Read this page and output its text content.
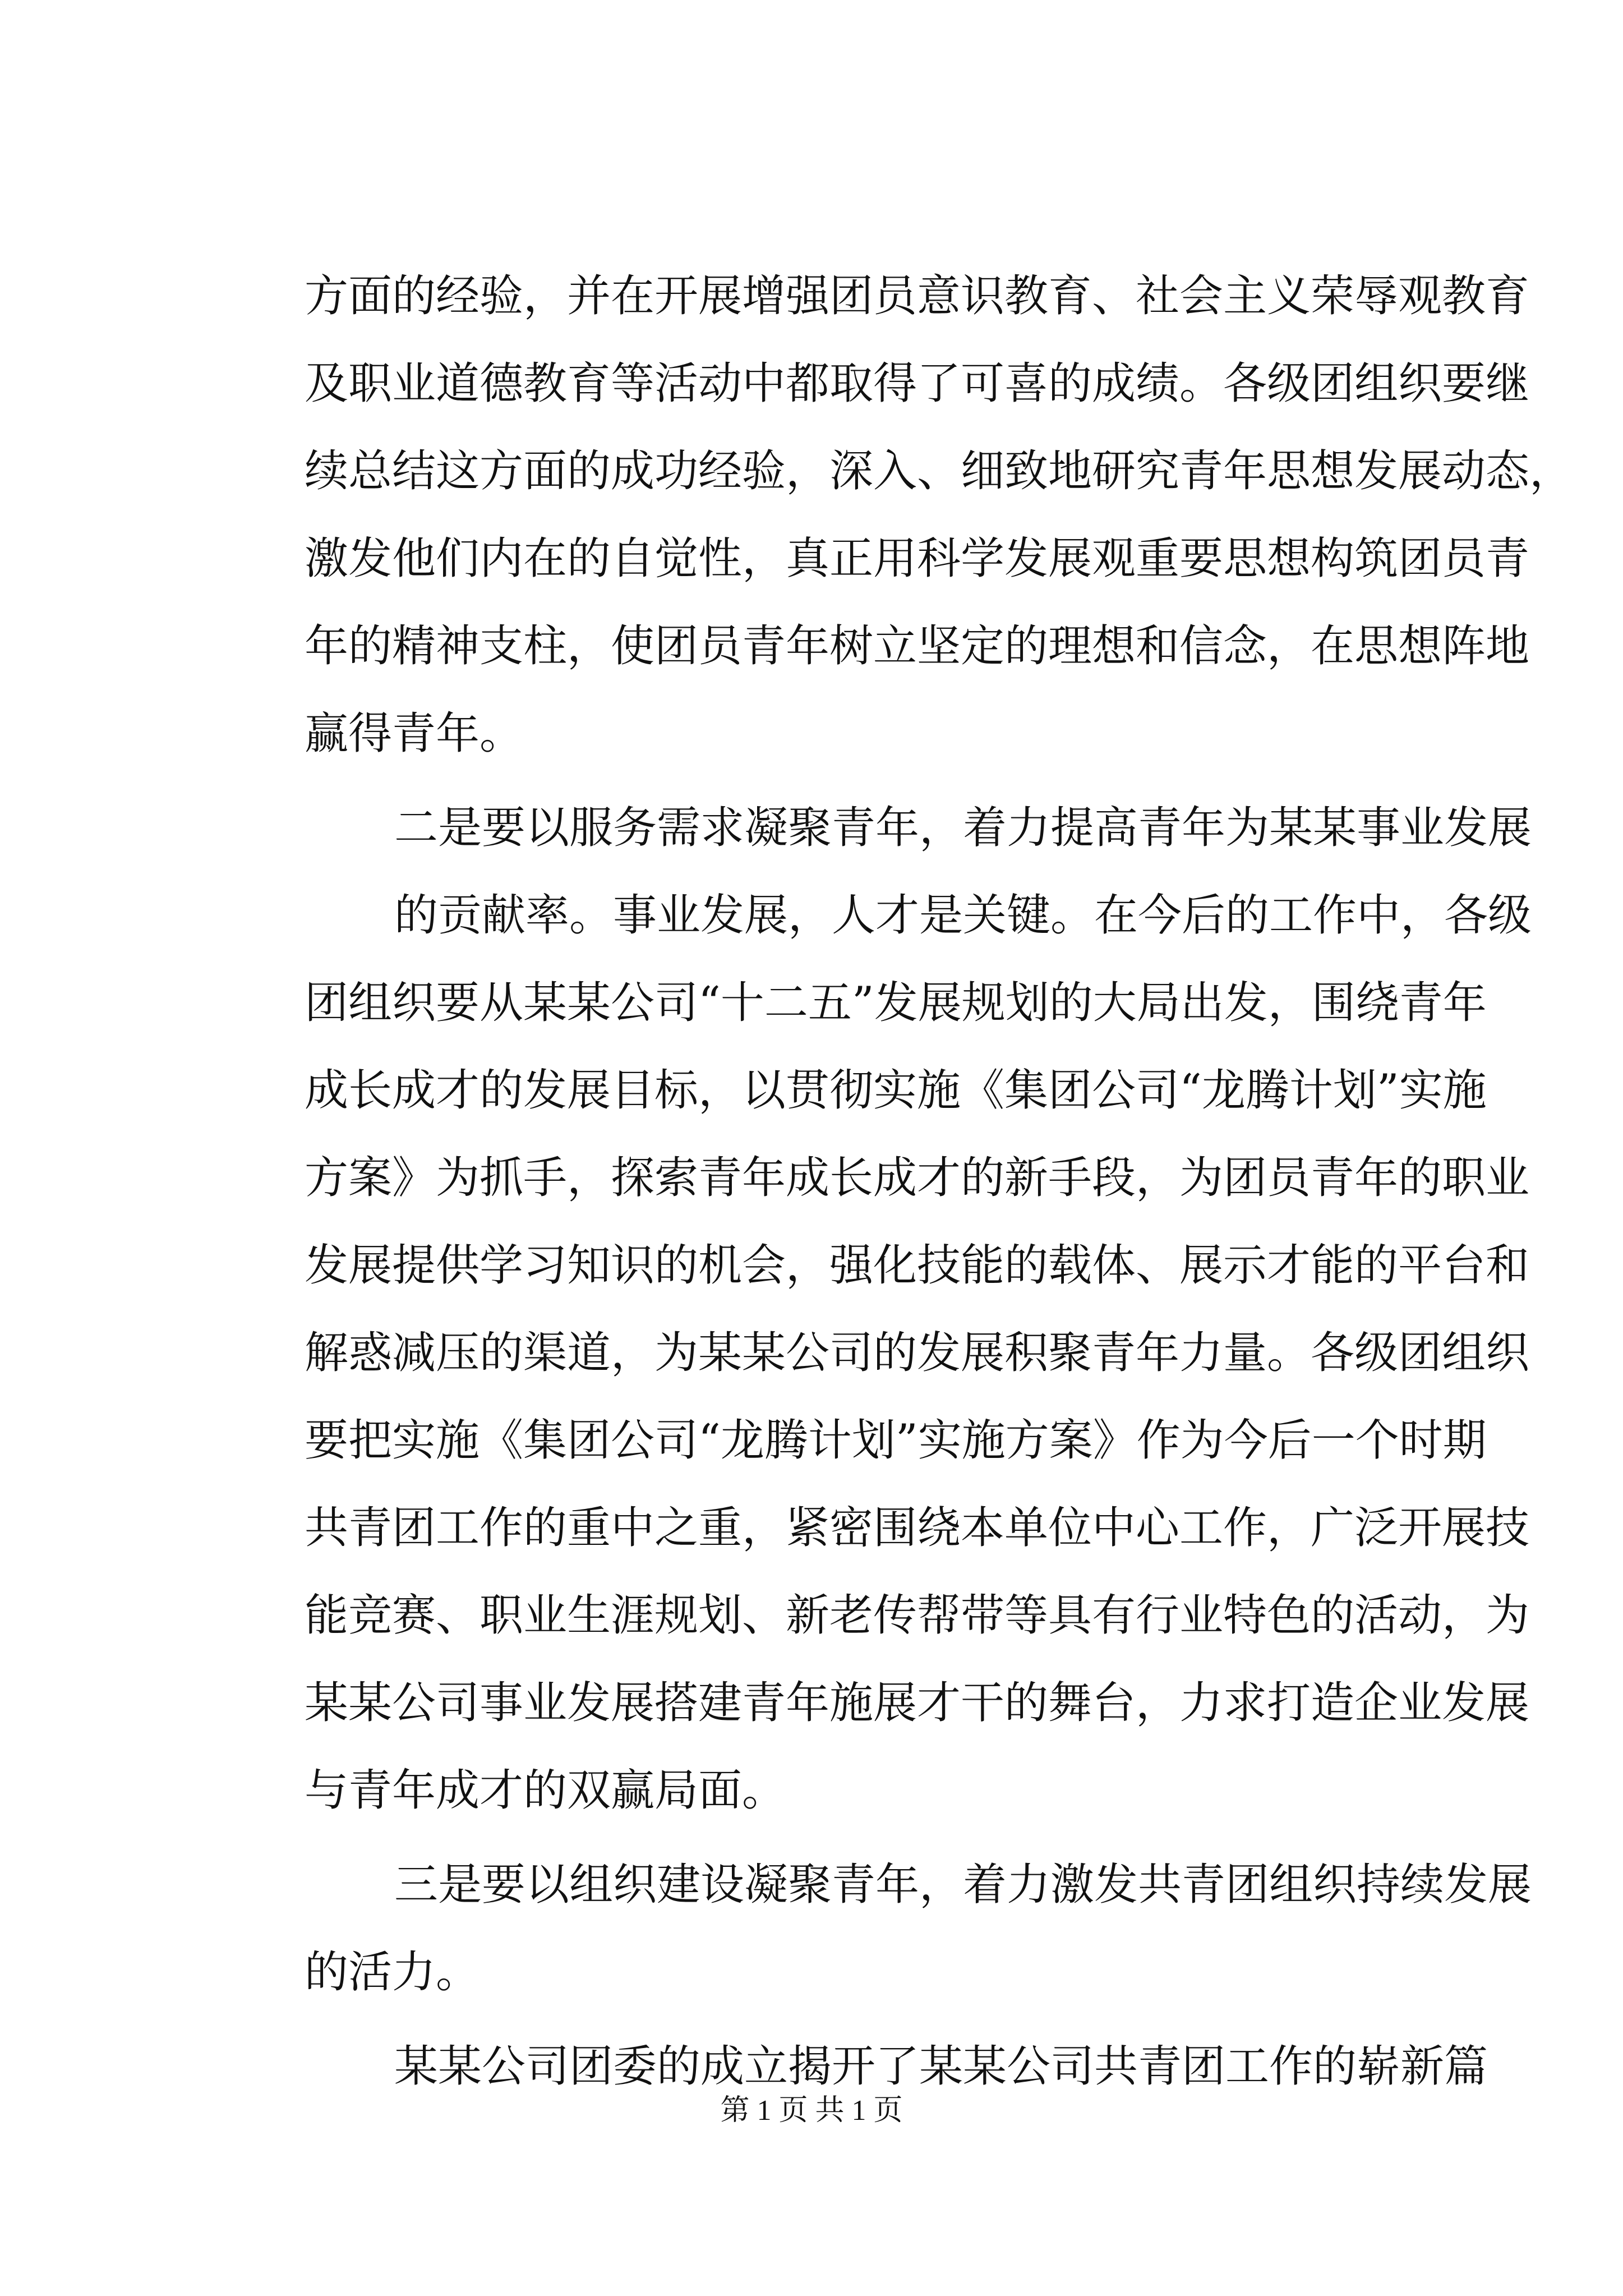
方面的经验，并在开展增强团员意识教育、社会主义荣辱观教育
及职业道德教育等活动中都取得了可喜的成绩。各级团组织要继
续总结这方面的成功经验，深入、细致地研究青年思想发展动态，
激发他们内在的自觉性，真正用科学发展观重要思想构筑团员青
年的精神支柱，使团员青年树立坚定的理想和信念，在思想阵地
赢得青年。
二是要以服务需求凝聚青年，着力提高青年为某某事业发展
的贡献率。事业发展，人才是关键。在今后的工作中，各级
团组织要从某某公司“十二五”发展规划的大局出发，围绕青年
成长成才的发展目标，以贯彻实施《集团公司“龙腾计划”实施
方案》为抓手，探索青年成长成才的新手段，为团员青年的职业
发展提供学习知识的机会，强化技能的载体、展示才能的平台和
解惑减压的渠道，为某某公司的发展积聚青年力量。各级团组织
要把实施《集团公司“龙腾计划”实施方案》作为今后一个时期
共青团工作的重中之重，紧密围绕本单位中心工作，广泛开展技
能竞赛、职业生涯规划、新老传帮带等具有行业特色的活动，为
某某公司事业发展搭建青年施展才干的舞台，力求打造企业发展
与青年成才的双赢局面。
三是要以组织建设凝聚青年，着力激发共青团组织持续发展
的活力。
某某公司团委的成立揭开了某某公司共青团工作的崭新篇
第 1 页 共 1 页
